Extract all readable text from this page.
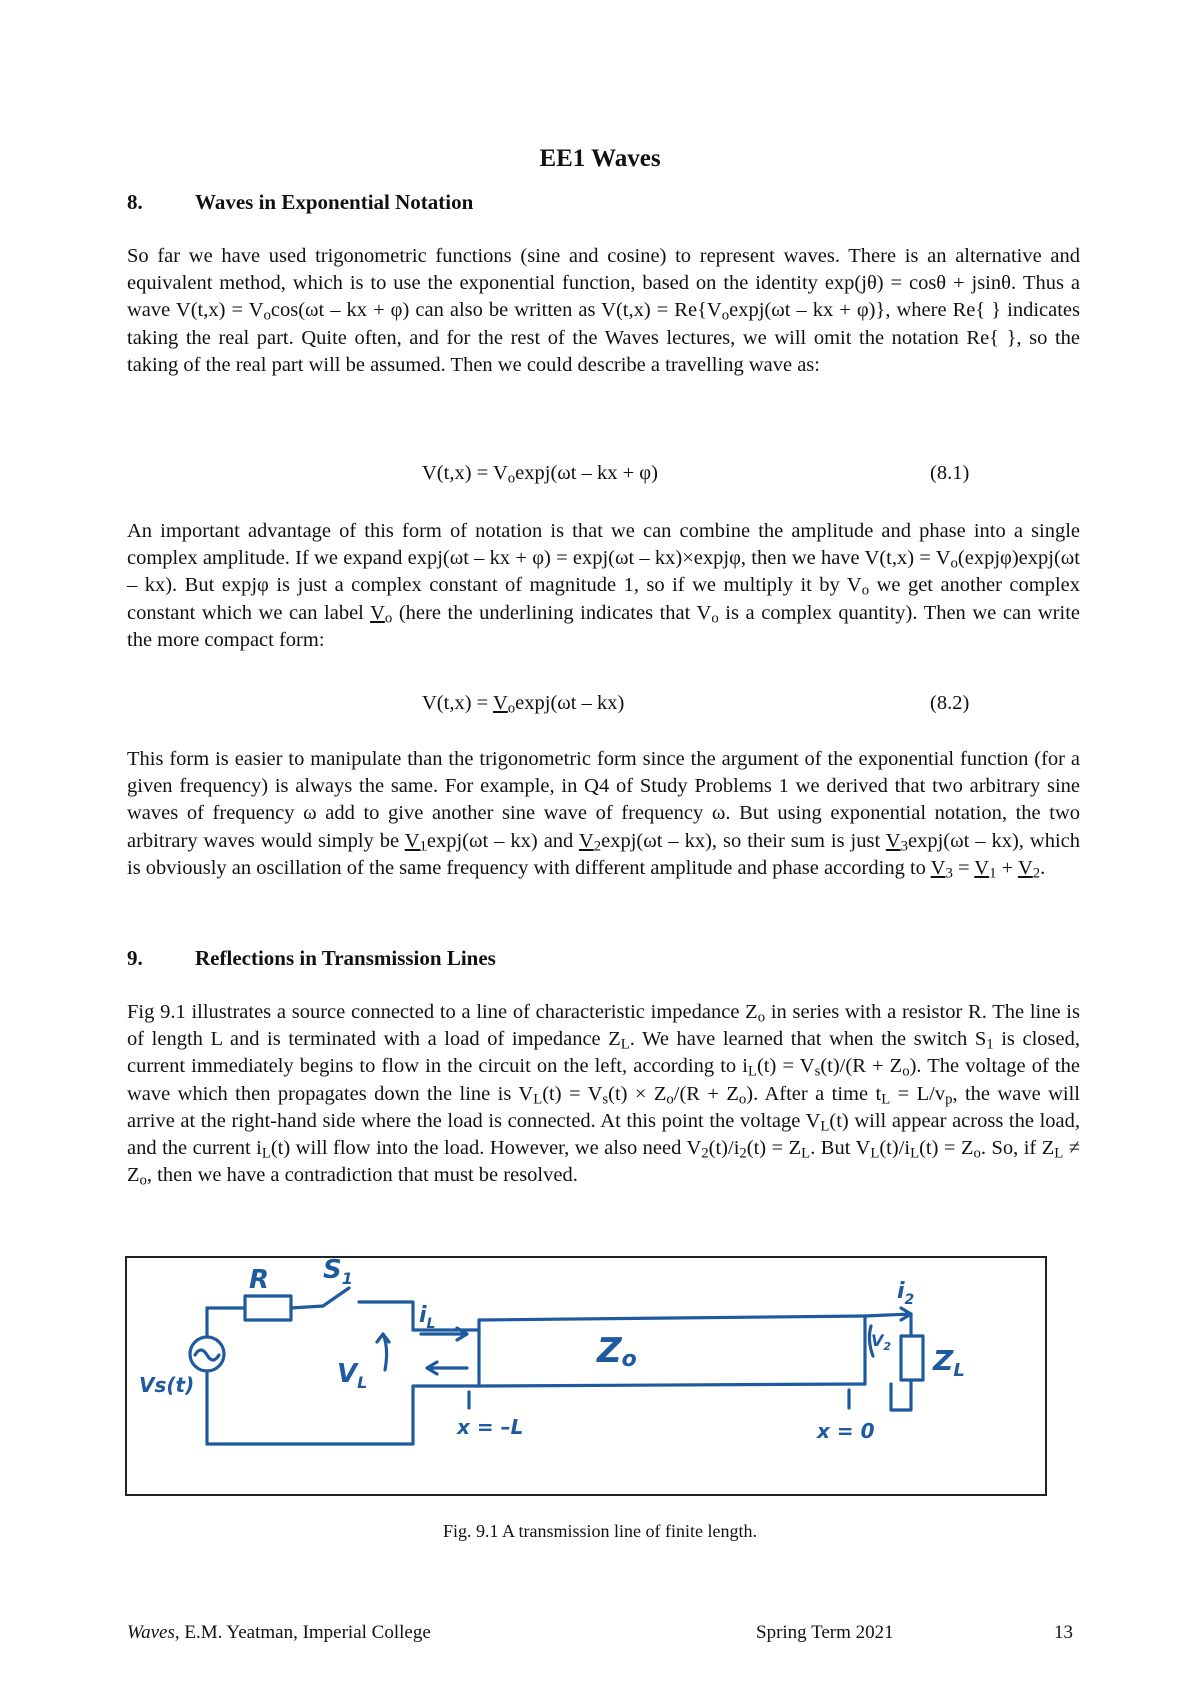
EE1 Waves
8. Waves in Exponential Notation

So far we have used trigonometric functions (sine and cosine) to represent waves. There is an alternative and equivalent method, which is to use the exponential function, based on the identity exp(jθ) = cosθ + jsinθ. Thus a wave $V(t,x) = V_o\cos(\omega t$ – kx + φ) can also be written as $V(t,x) = Re\{V_o\exp j(\omega t$ – kx + φ)}, where Re{ } indicates taking the real part. Quite often, and for the rest of the Waves lectures, we will omit the notation Re{ }, so the taking of the real part will be assumed. Then we could describe a travelling wave as:

$V(t,x) = V_o\exp j(\omega t$ – kx + φ)	(8.1)

An important advantage of this form of notation is that we can combine the amplitude and phase into a single complex amplitude. If we expand expj(ωt – kx + φ) = expj(ωt – kx)×expjφ, then we have $V(t,x) = V_o(\exp j\varphi)\exp j(\omega t - kx)$. But expjφ is just a complex constant of magnitude 1, so if we multiply it by $V_o$ we get another complex constant which we can label $V_o$ (here the underlining indicates that $V_o$ is a complex quantity). Then we can write the more compact form:

$V(t,x) = V_o\exp j(\omega t - kx)$	(8.2)

This form is easier to manipulate than the trigonometric form since the argument of the exponential function (for a given frequency) is always the same. For example, in Q4 of Study Problems 1 we derived that two arbitrary sine waves of frequency ω add to give another sine wave of frequency ω. But using exponential notation, the two arbitrary waves would simply be $V_1\exp j(\omega t - kx)$ and $V_2\exp j(\omega t - kx)$, so their sum is just $V_3\exp j(\omega t - kx)$, which is obviously an oscillation of the same frequency with different amplitude and phase according to $V_3 = V_1 + V_2$.

9. Reflections in Transmission Lines

Fig 9.1 illustrates a source connected to a line of characteristic impedance $Z_o$ in series with a resistor R. The line is of length L and is terminated with a load of impedance $Z_L$. We have learned that when the switch $S_1$ is closed, current immediately begins to flow in the circuit on the left, according to $i_L(t) = V_s(t)/(R + Z_o)$. The voltage of the wave which then propagates down the line is $V_L(t) = V_s(t) \times Z_o/(R + Z_o)$. After a time $t_L = L/v_p$, the wave will arrive at the right-hand side where the load is connected. At this point the voltage $V_L(t)$ will appear across the load, and the current $i_L(t)$ will flow into the load. However, we also need $V_2(t)/i_2(t) = Z_L$. But $V_L(t)/i_L(t) = Z_o$. So, if $Z_L \ne Z_o$, then we have a contradiction that must be resolved.

R $S_1$
$i_L$
Vs(t)	$V_L$
Zo
$i_2$
$V_2$ $Z_L$
x = –L	x = 0
Fig. 9.1 A transmission line of finite length.
Waves, E.M. Yeatman, Imperial College	Spring Term 2021	13
